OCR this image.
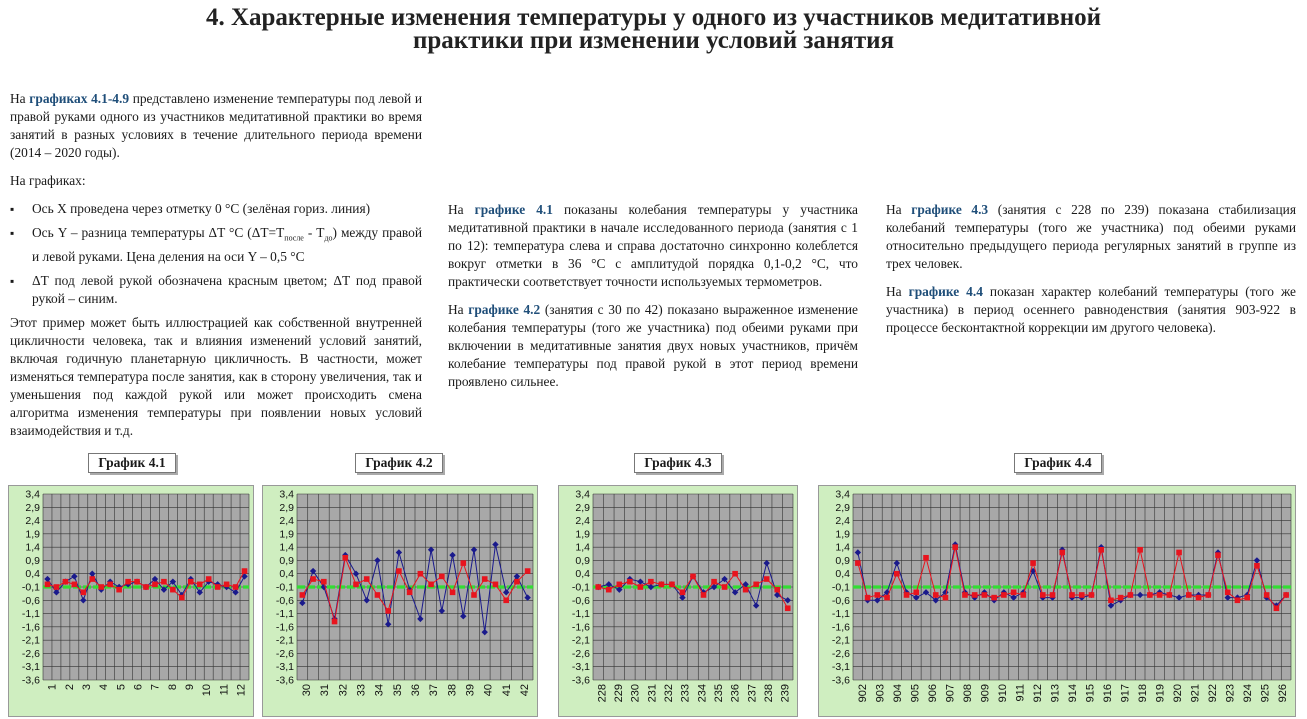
4. Характерные изменения температуры у одного из участников медитативной
практики при изменении условий занятия

На графиках 4.1-4.9 представлено изменение температуры под левой и правой руками одного из участников медитативной практики во время занятий в разных условиях в течение длительного периода времени (2014 – 2020 годы).

На графиках:

▪ Ось X проведена через отметку 0 °С (зелёная гориз. линия)
▪ Ось Y – разница температуры ΔT °С $(\Delta T=T_{после} - T_{до})$ между правой и левой руками. Цена деления на оси Y – 0,5 °С
▪ ΔT под левой рукой обозначена красным цветом; ΔT под правой рукой – синим.

Этот пример может быть иллюстрацией как собственной внутренней цикличности человека, так и влияния изменений условий занятий, включая годичную планетарную цикличность. В частности, может изменяться температура после занятия, как в сторону увеличения, так и уменьшения под каждой рукой или может происходить смена алгоритма изменения температуры при появлении новых условий взаимодействия и т.д.

На графике 4.1 показаны колебания температуры у участника медитативной практики в начале исследованного периода (занятия с 1 по 12): температура слева и справа достаточно синхронно колеблется вокруг отметки в 36 °С с амплитудой порядка 0,1-0,2 °С, что практически соответствует точности используемых термометров.

На графике 4.2 (занятия с 30 по 42) показано выраженное изменение колебания температуры (того же участника) под обеими руками при включении в медитативные занятия двух новых участников, причём колебание температуры под правой рукой в этот период времени проявлено сильнее.

На графике 4.3 (занятия с 228 по 239) показана стабилизация колебаний температуры (того же участника) под обеими руками относительно предыдущего периода регулярных занятий в группе из трех человек.

На графике 4.4 показан характер колебаний температуры (того же участника) в период осеннего равноденствия (занятия 903-922 в процессе бесконтактной коррекции им другого человека).

График 4.1	График 4.2	График 4.3	График 4.4
3,4
2,9
2,4
1,9
1,4
0,9
0,4
-0,1
-0,6
-1,1
-1,6
-2,1
-2,6
-3,1
-3,6
1 2 3 4 5 6 7 8 9 10 11 12
3,4
2,9
2,4
1,9
1,4
0,9
0,4
-0,1
-0,6
-1,1
-1,6
-2,1
-2,6
-3,1
-3,6
30 31 32 33 34 35 36 37 38 39 40 41 42
3,4
2,9
2,4
1,9
1,4
0,9
0,4
-0,1
-0,6
-1,1
-1,6
-2,1
-2,6
-3,1
-3,6
228 229 230 231 232 233 234 235 236 237 238 239
3,4
2,9
2,4
1,9
1,4
0,9
0,4
-0,1
-0,6
-1,1
-1,6
-2,1
-2,6
-3,1
-3,6
902 903 904 905 906 907 908 909 910 911 912 913 914 915 916 917 918 919 920 921 922 923 924 925 926
